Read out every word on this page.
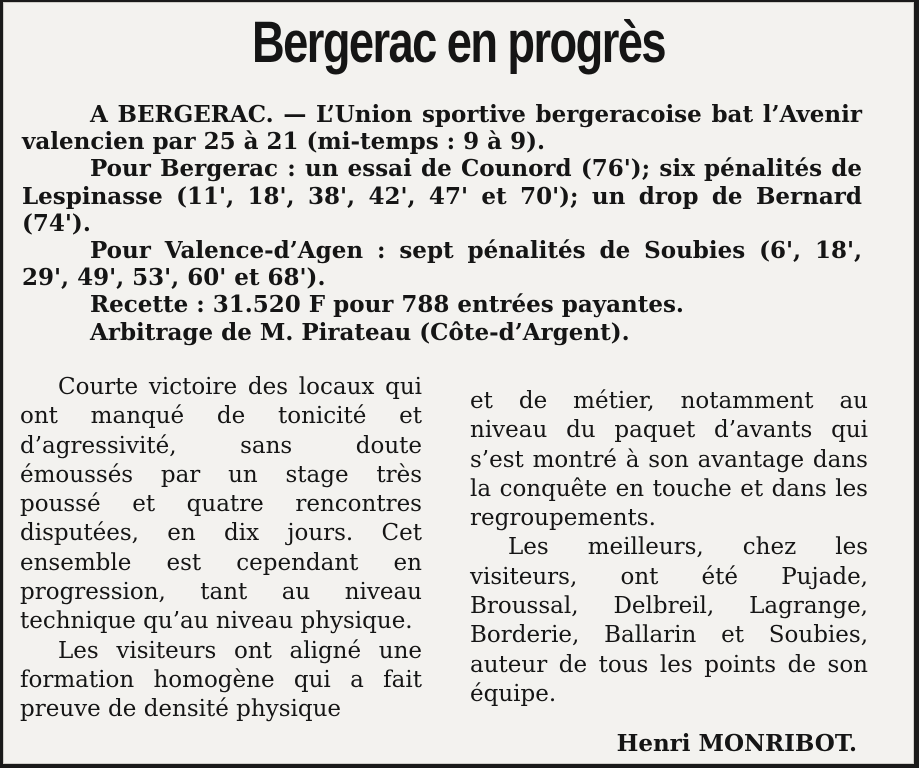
Bergerac en progrès

A BERGERAC. — L’Union sportive bergeracoise bat l’Avenir valencien par 25 à 21 (mi-temps : 9 à 9).

Pour Bergerac : un essai de Counord (76'); six pénalités de Lespinasse (11', 18', 38', 42', 47' et 70'); un drop de Bernard (74').

Pour Valence-d’Agen : sept pénalités de Soubies (6', 18', 29', 49', 53', 60' et 68').

Recette : 31.520 F pour 788 entrées payantes.

Arbitrage de M. Pirateau (Côte-d’Argent).

Courte victoire des locaux qui ont manqué de tonicité et d’agressivité, sans doute émoussés par un stage très poussé et quatre rencontres disputées, en dix jours. Cet ensemble est cependant en progression, tant au niveau technique qu’au niveau physique.

Les visiteurs ont aligné une formation homogène qui a fait preuve de densité physique

et de métier, notamment au niveau du paquet d’avants qui s’est montré à son avantage dans la conquête en touche et dans les regroupements.

Les meilleurs, chez les visiteurs, ont été Pujade, Broussal, Delbreil, Lagrange, Borderie, Ballarin et Soubies, auteur de tous les points de son équipe.

Henri MONRIBOT.
